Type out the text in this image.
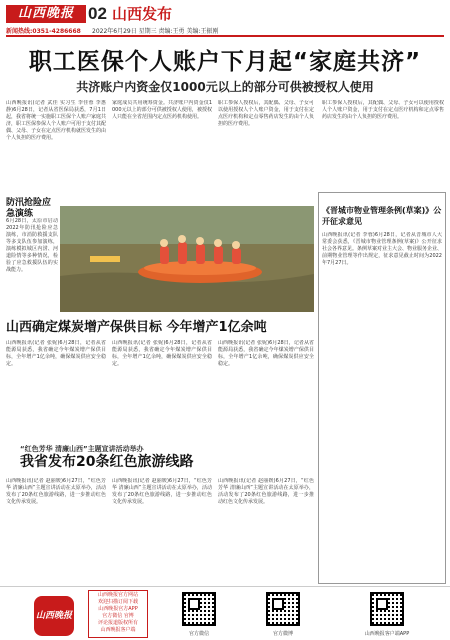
山西晚报 02 山西发布
新闻热线:0351-4286668 2022年6月29日 星期三 责编:王勇 美编:王振刚
职工医保个人账户下月起“家庭共济”
共济账户内资金仅1000元以上的部分可供被授权人使用
山西晚报讯(记者 武佳 实习生 李佳蓉 李惠静)6月28日，记者从省医保局获悉，7月1日起，我省将统一实施职工医保个人账户家庭共济，职工医保参保人个人账户可用于支付其配偶、父母、子女在定点医疗机构就医发生的由个人负担的医疗费用。
家庭成员共用统筹资金。共济账户内资金仅1000元以上的部分可供被授权人使用，被授权人只能在全省范围内定点医药机构使用。
职工参保人授权后，其配偶、父母、子女可以使用授权人个人账户资金，用于支付在定点医疗机构和定点零售药店发生的由个人负担的医疗费用。
职工参保人授权后，其配偶、父母、子女可以使用授权人个人账户资金，用于支付在定点医疗机构和定点零售药店发生的由个人负担的医疗费用。
防汛抢险应急演练
6月28日，太原市启动2022年防汛抢险应急演练，市消防救援支队等多支队伍参加演练，演练模拟城区内涝、河道险情等多种情况，检验了应急救援队伍的实战能力。
山西确定煤炭增产保供目标 今年增产1亿余吨
山西晚报讯(记者 张妮)6月28日，记者从省能源局获悉，我省确定今年煤炭增产保供目标，全年增产1亿余吨，确保煤炭供应安全稳定。
山西晚报讯(记者 张妮)6月28日，记者从省能源局获悉，我省确定今年煤炭增产保供目标，全年增产1亿余吨，确保煤炭供应安全稳定。
山西晚报讯(记者 张妮)6月28日，记者从省能源局获悉，我省确定今年煤炭增产保供目标，全年增产1亿余吨，确保煤炭供应安全稳定。
“红色芳华 清廉山西”主题宣讲活动举办
我省发布20条红色旅游线路
山西晚报讯(记者 赵丽媛)6月27日，“红色芳华 清廉山西”主题宣讲活动在太原举办，活动发布了20条红色旅游线路，进一步推动红色文化传承发展。
山西晚报讯(记者 赵丽媛)6月27日，“红色芳华 清廉山西”主题宣讲活动在太原举办，活动发布了20条红色旅游线路，进一步推动红色文化传承发展。
山西晚报讯(记者 赵丽媛)6月27日，“红色芳华 清廉山西”主题宣讲活动在太原举办，活动发布了20条红色旅游线路，进一步推动红色文化传承发展。
《晋城市物业管理条例(草案)》公开征求意见
山西晚报讯(记者 李蓉)6月28日，记者从晋城市人大常委会获悉，《晋城市物业管理条例(草案)》公开征求社会各界意见。条例草案对业主大会、物业服务企业、前期物业管理等作出规定，征求意见截止时间为2022年7月27日。
山西晚报
山西晚报官方网站
欢迎扫描订阅下载
山西晚报官方APP
官方微信 官博
评论报道版权所有
山西晚报客户端
官方微信	官方微博	山西晚报客户端APP
